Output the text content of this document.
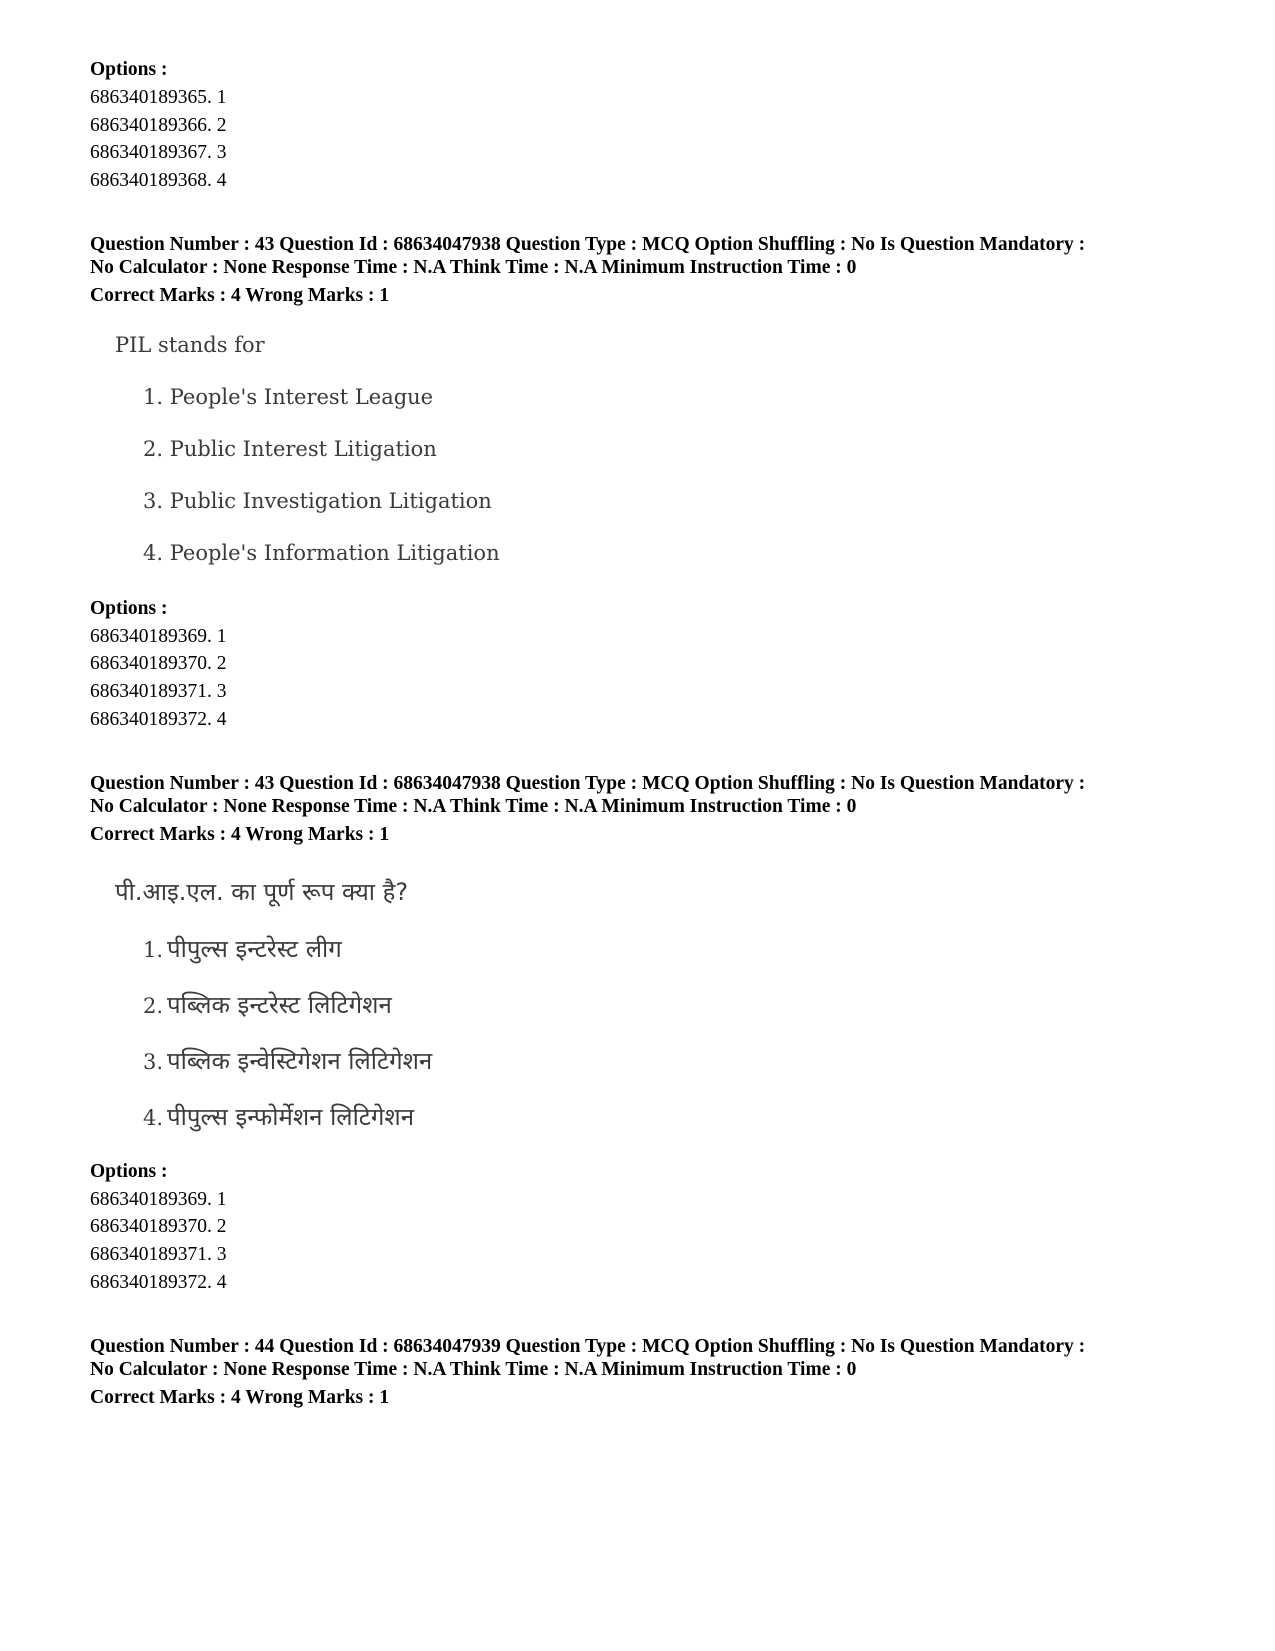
Options :
686340189365. 1
686340189366. 2
686340189367. 3
686340189368. 4
Question Number : 43 Question Id : 68634047938 Question Type : MCQ Option Shuffling : No Is Question Mandatory :
No Calculator : None Response Time : N.A Think Time : N.A Minimum Instruction Time : 0
Correct Marks : 4 Wrong Marks : 1
PIL stands for
1. People's Interest League
2. Public Interest Litigation
3. Public Investigation Litigation
4. People's Information Litigation
Options :
686340189369. 1
686340189370. 2
686340189371. 3
686340189372. 4
Question Number : 43 Question Id : 68634047938 Question Type : MCQ Option Shuffling : No Is Question Mandatory :
No Calculator : None Response Time : N.A Think Time : N.A Minimum Instruction Time : 0
Correct Marks : 4 Wrong Marks : 1
पी.आइ.एल. का पूर्ण रूप क्या है?
1. पीपुल्स इन्टरेस्ट लीग
2. पब्लिक इन्टरेस्ट लिटिगेशन
3. पब्लिक इन्वेस्टिगेशन लिटिगेशन
4. पीपुल्स इन्फोर्मेशन लिटिगेशन
Options :
686340189369. 1
686340189370. 2
686340189371. 3
686340189372. 4
Question Number : 44 Question Id : 68634047939 Question Type : MCQ Option Shuffling : No Is Question Mandatory :
No Calculator : None Response Time : N.A Think Time : N.A Minimum Instruction Time : 0
Correct Marks : 4 Wrong Marks : 1
